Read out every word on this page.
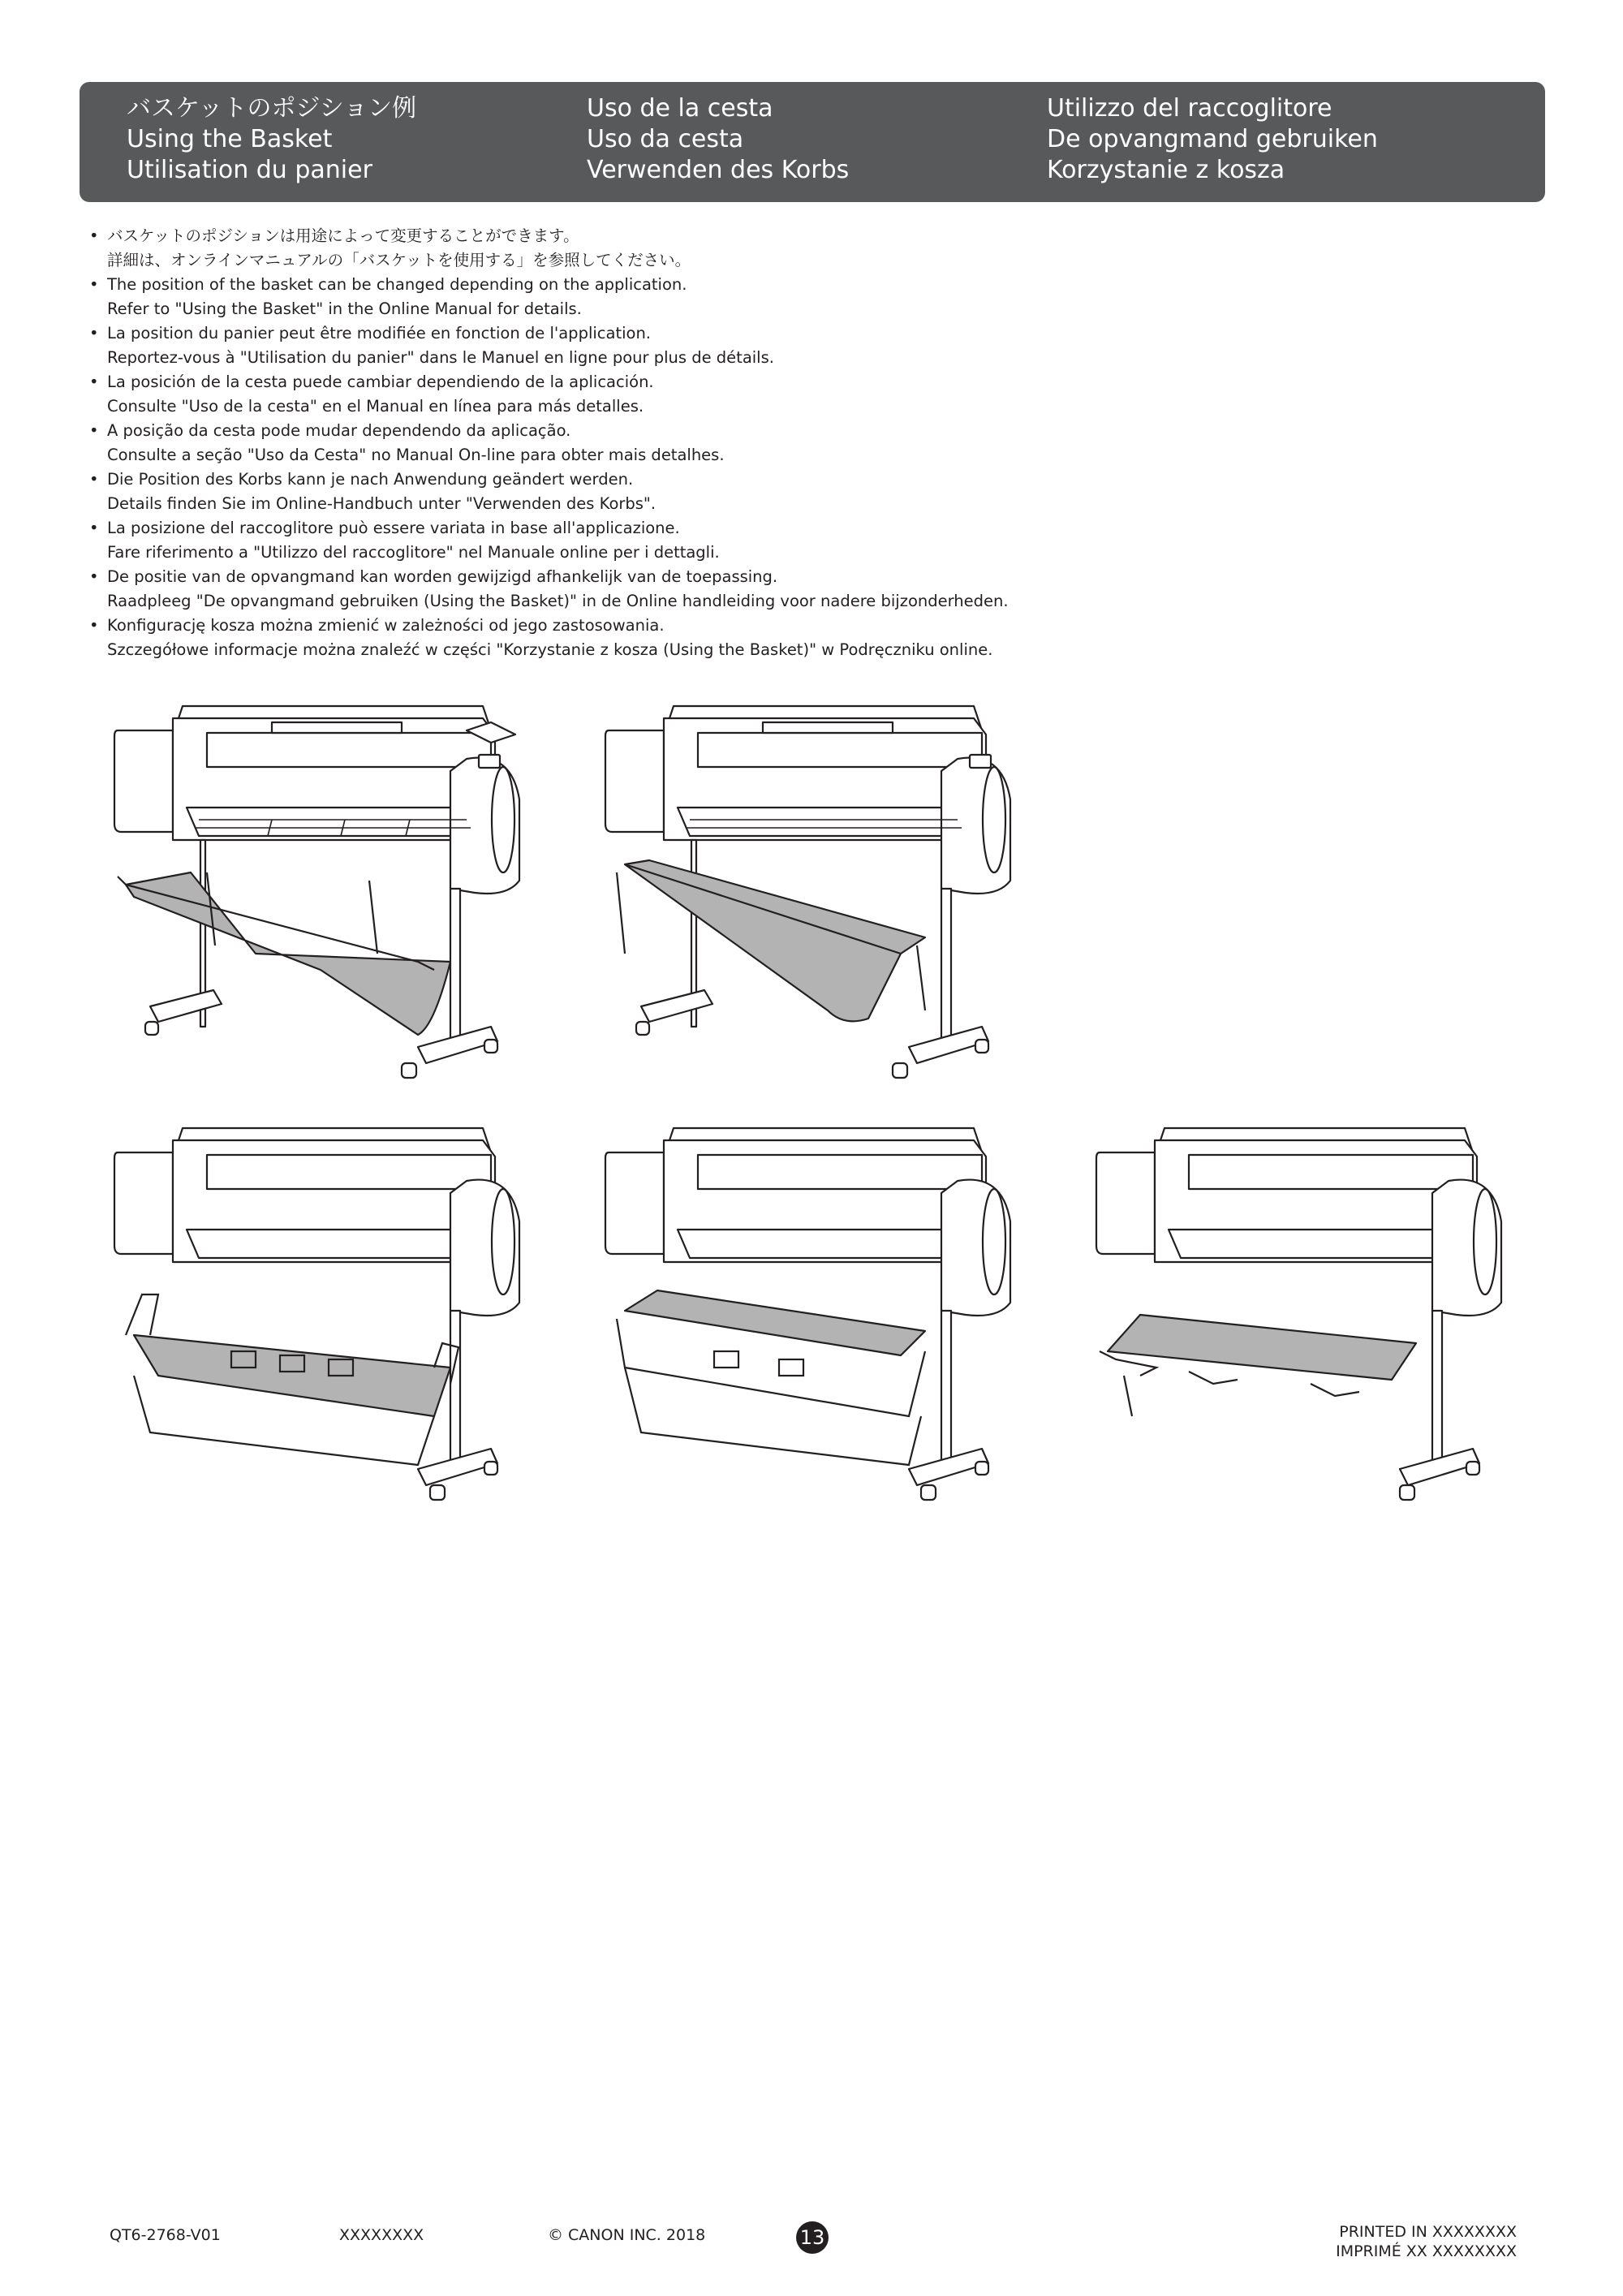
バスケットのポジション例
Using the Basket
Utilisation du panier
Uso de la cesta
Uso da cesta
Verwenden des Korbs
Utilizzo del raccoglitore
De opvangmand gebruiken
Korzystanie z kosza
• バスケットのポジションは用途によって変更することができます。
詳細は、オンラインマニュアルの「バスケットを使用する」を参照してください。
• The position of the basket can be changed depending on the application.
Refer to "Using the Basket" in the Online Manual for details.
• La position du panier peut être modifiée en fonction de l'application.
Reportez-vous à "Utilisation du panier" dans le Manuel en ligne pour plus de détails.
• La posición de la cesta puede cambiar dependiendo de la aplicación.
Consulte "Uso de la cesta" en el Manual en línea para más detalles.
• A posição da cesta pode mudar dependendo da aplicação.
Consulte a seção "Uso da Cesta" no Manual On-line para obter mais detalhes.
• Die Position des Korbs kann je nach Anwendung geändert werden.
Details finden Sie im Online-Handbuch unter "Verwenden des Korbs".
• La posizione del raccoglitore può essere variata in base all'applicazione.
Fare riferimento a "Utilizzo del raccoglitore" nel Manuale online per i dettagli.
• De positie van de opvangmand kan worden gewijzigd afhankelijk van de toepassing.
Raadpleeg "De opvangmand gebruiken (Using the Basket)" in de Online handleiding voor nadere bijzonderheden.
• Konfigurację kosza można zmienić w zależności od jego zastosowania.
Szczegółowe informacje można znaleźć w części "Korzystanie z kosza (Using the Basket)" w Podręczniku online.
QT6-2768-V01	XXXXXXXX	© CANON INC. 2018	13	PRINTED IN XXXXXXXX
IMPRIMÉ XX XXXXXXXX
